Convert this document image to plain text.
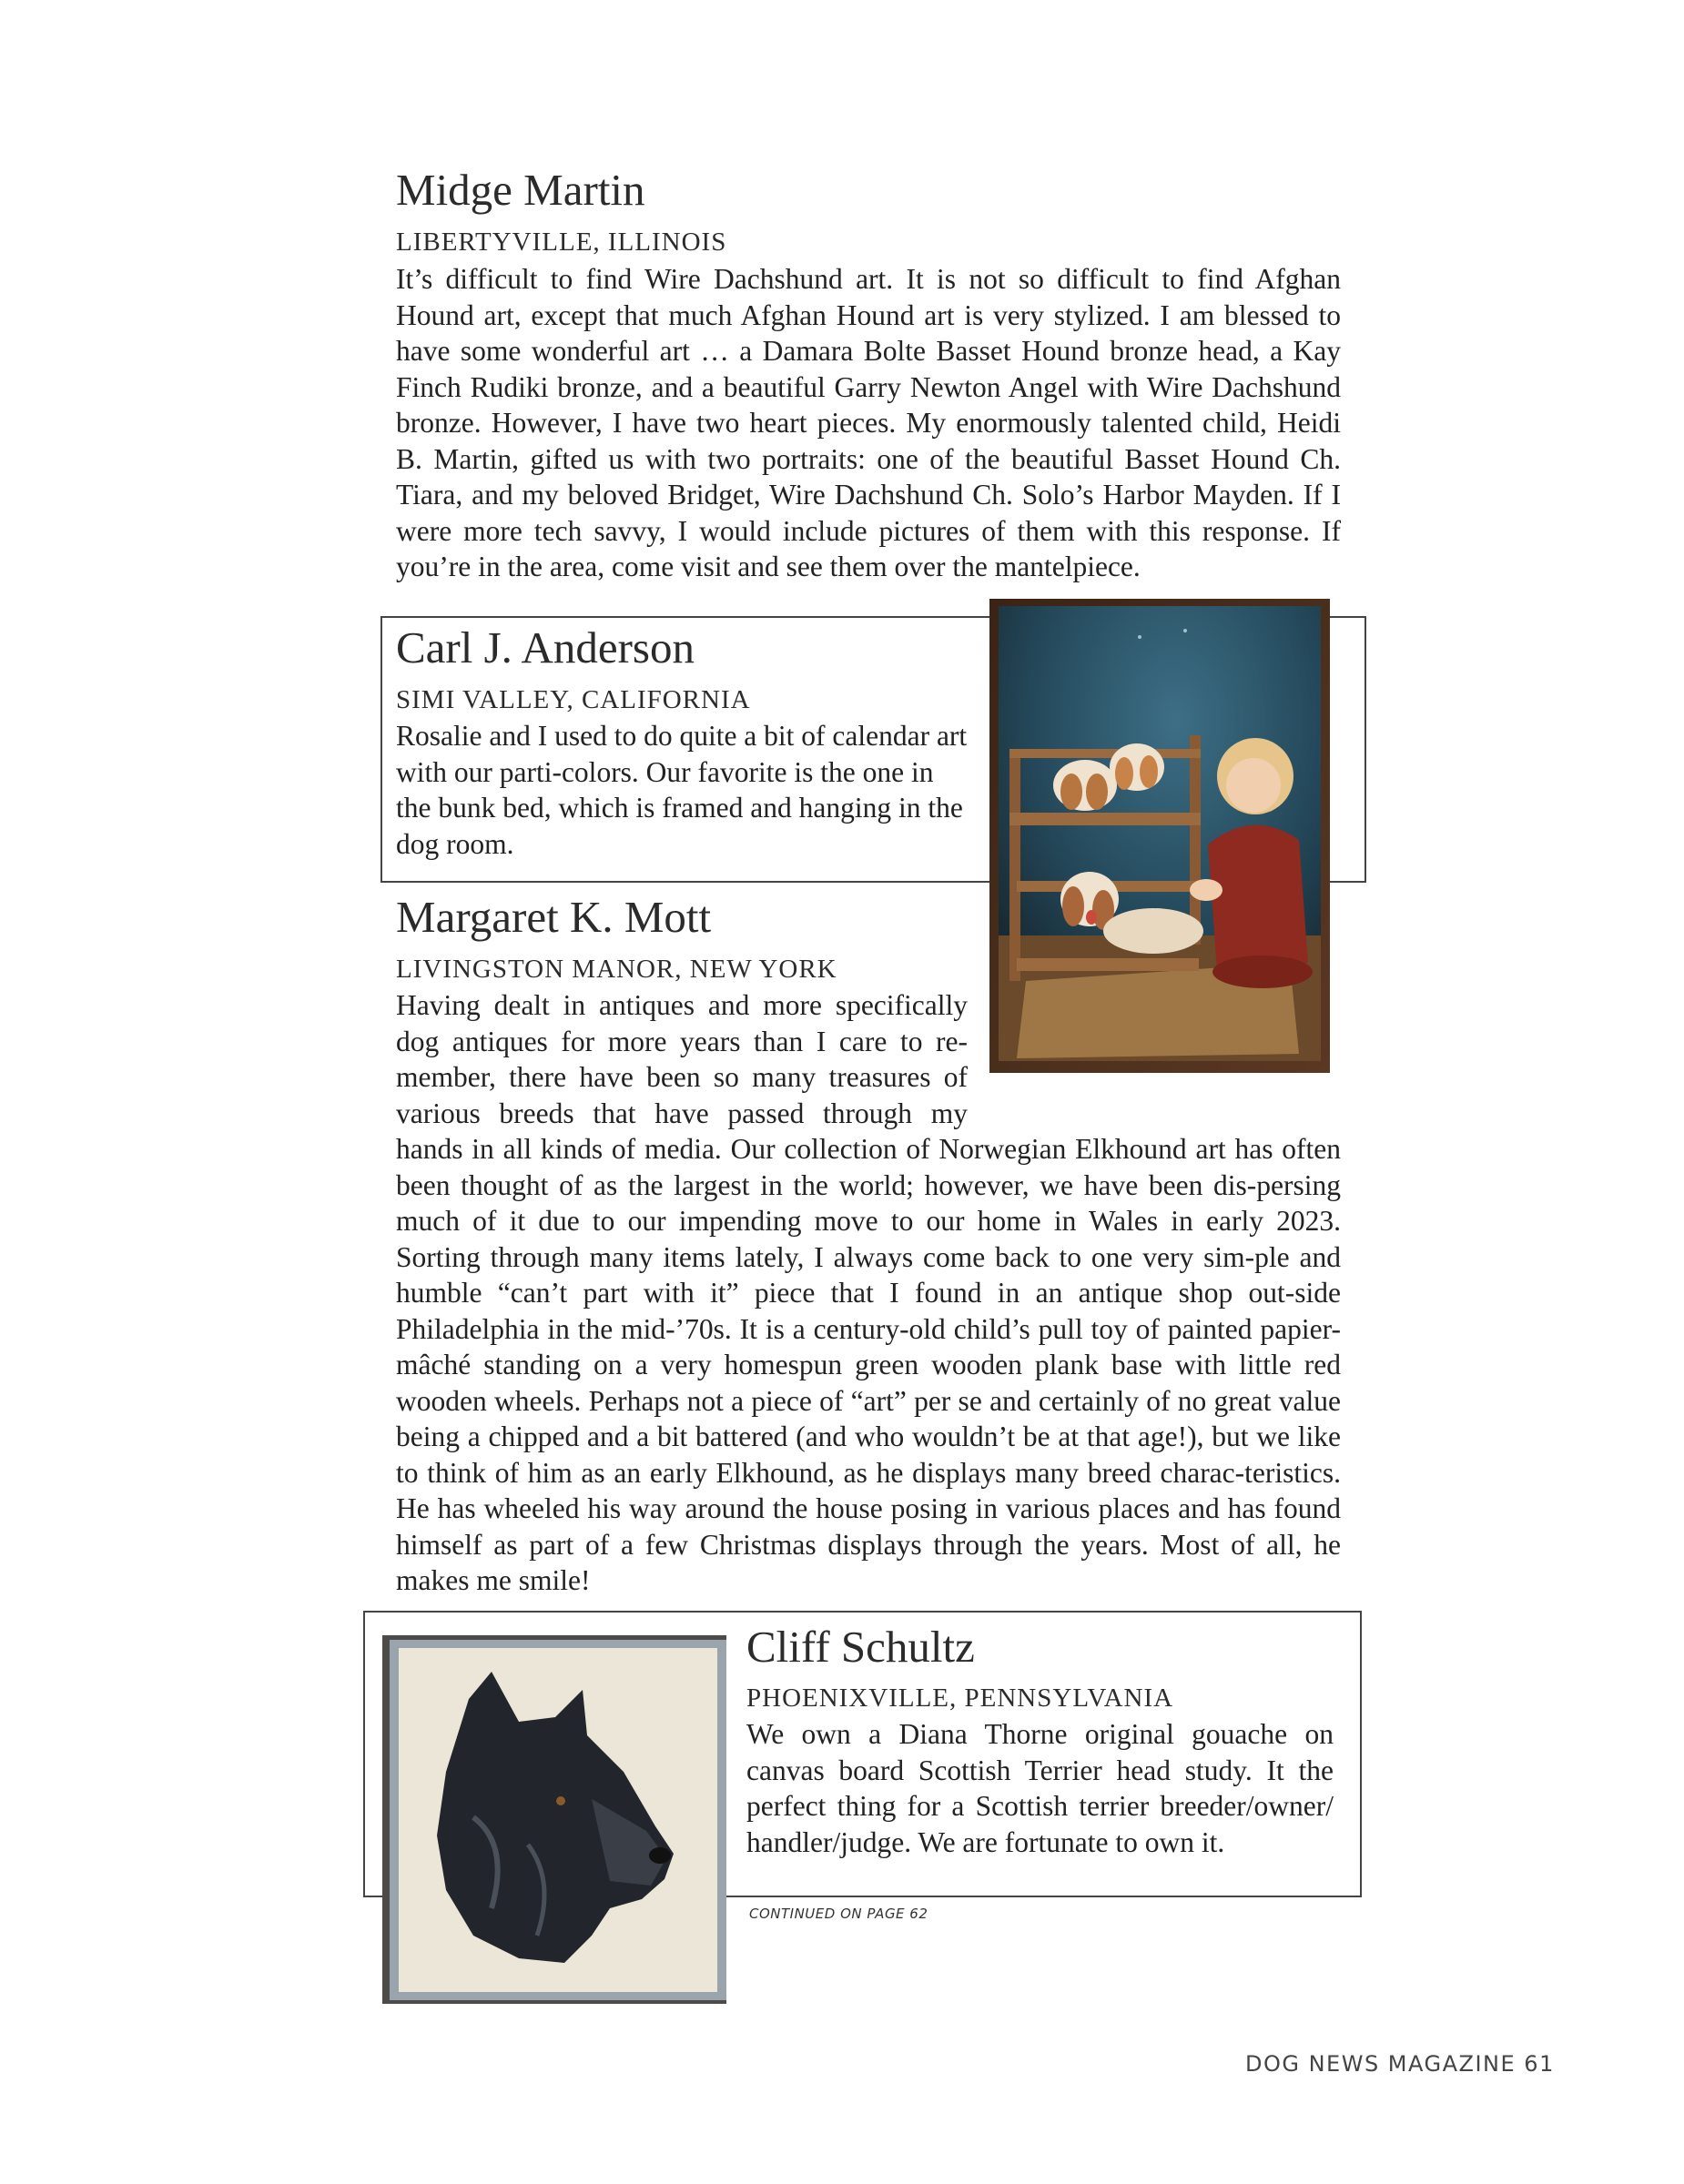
Midge Martin
LIBERTYVILLE, ILLINOIS
It’s difficult to find Wire Dachshund art. It is not so difficult to find Afghan Hound art, except that much Afghan Hound art is very stylized. I am blessed to have some wonderful art … a Damara Bolte Basset Hound bronze head, a Kay Finch Rudiki bronze, and a beautiful Garry Newton Angel with Wire Dachshund bronze. However, I have two heart pieces. My enormously talented child, Heidi B. Martin, gifted us with two portraits: one of the beautiful Basset Hound Ch. Tiara, and my beloved Bridget, Wire Dachshund Ch. Solo’s Harbor Mayden. If I were more tech savvy, I would include pictures of them with this response. If you’re in the area, come visit and see them over the mantelpiece.
Carl J. Anderson
SIMI VALLEY, CALIFORNIA
Rosalie and I used to do quite a bit of calendar art with our parti-colors. Our favorite is the one in the bunk bed, which is framed and hanging in the dog room.
Margaret K. Mott
LIVINGSTON MANOR, NEW YORK
Having dealt in antiques and more specifically dog antiques for more years than I care to re-member, there have been so many treasures of various breeds that have passed through my
hands in all kinds of media. Our collection of Norwegian Elkhound art has often been thought of as the largest in the world; however, we have been dis-persing much of it due to our impending move to our home in Wales in early 2023. Sorting through many items lately, I always come back to one very sim-ple and humble “can’t part with it” piece that I found in an antique shop out-side Philadelphia in the mid-’70s. It is a century-old child’s pull toy of painted papier-mâché standing on a very homespun green wooden plank base with little red wooden wheels. Perhaps not a piece of “art” per se and certainly of no great value being a chipped and a bit battered (and who wouldn’t be at that age!), but we like to think of him as an early Elkhound, as he displays many breed charac-teristics. He has wheeled his way around the house posing in various places and has found himself as part of a few Christmas displays through the years. Most of all, he makes me smile!
Cliff Schultz
PHOENIXVILLE, PENNSYLVANIA
We own a Diana Thorne original gouache on canvas board Scottish Terrier head study. It the perfect thing for a Scottish terrier breeder/owner/ handler/judge. We are fortunate to own it.
CONTINUED ON PAGE 62
DOG NEWS MAGAZINE 61
